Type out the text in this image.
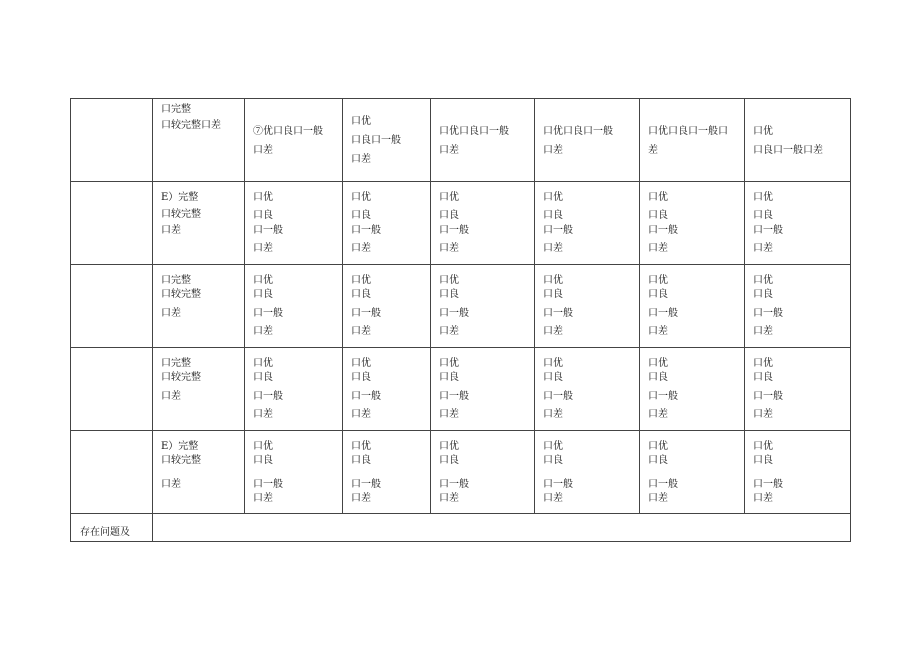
口完整
口较完整口差
⑦优口良口一般
口差
口优
口良口一般
口差
口优口良口一般
口差
口优口良口一般
口差
口优口良口一般口
差
口优
口良口一般口差
E）完整
口较完整
口差
口优
口良
口一般
口差
口优
口良
口一般
口差
口优
口良
口一般
口差
口优
口良
口一般
口差
口优
口良
口一般
口差
口优
口良
口一般
口差
口完整
口较完整
口差
口优
口良
口一般
口差
口优
口良
口一般
口差
口优
口良
口一般
口差
口优
口良
口一般
口差
口优
口良
口一般
口差
口优
口良
口一般
口差
口完整
口较完整
口差
口优
口良
口一般
口差
口优
口良
口一般
口差
口优
口良
口一般
口差
口优
口良
口一般
口差
口优
口良
口一般
口差
口优
口良
口一般
口差
E）完整
口较完整
口差
口优
口良
口一般
口差
口优
口良
口一般
口差
口优
口良
口一般
口差
口优
口良
口一般
口差
口优
口良
口一般
口差
口优
口良
口一般
口差
存在问题及
